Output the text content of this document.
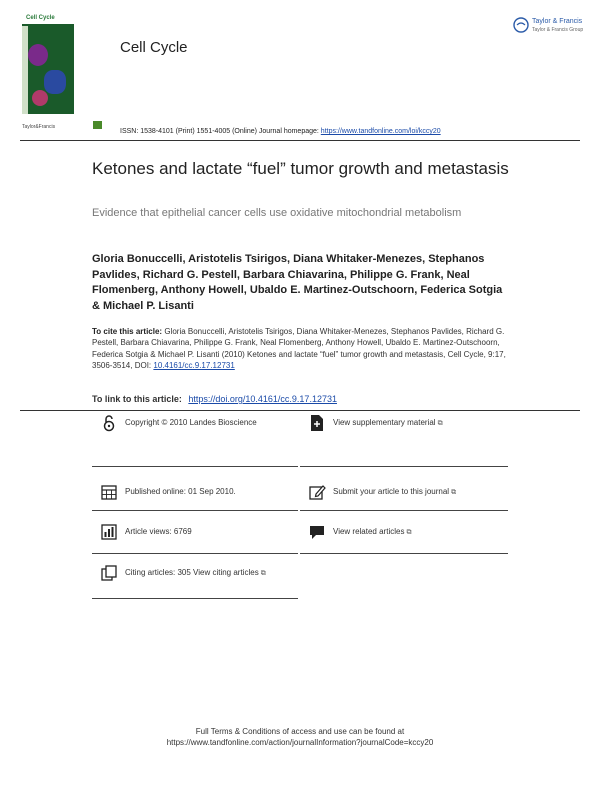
Cell Cycle
Taylor&Francis
Cell Cycle
Taylor & Francis
Taylor & Francis Group
ISSN: 1538-4101 (Print) 1551-4005 (Online) Journal homepage: https://www.tandfonline.com/loi/kccy20
Ketones and lactate “fuel” tumor growth and metastasis
Evidence that epithelial cancer cells use oxidative mitochondrial metabolism
Gloria Bonuccelli, Aristotelis Tsirigos, Diana Whitaker-Menezes, Stephanos Pavlides, Richard G. Pestell, Barbara Chiavarina, Philippe G. Frank, Neal Flomenberg, Anthony Howell, Ubaldo E. Martinez-Outschoorn, Federica Sotgia & Michael P. Lisanti
To cite this article: Gloria Bonuccelli, Aristotelis Tsirigos, Diana Whitaker-Menezes, Stephanos Pavlides, Richard G. Pestell, Barbara Chiavarina, Philippe G. Frank, Neal Flomenberg, Anthony Howell, Ubaldo E. Martinez-Outschoorn, Federica Sotgia & Michael P. Lisanti (2010) Ketones and lactate “fuel” tumor growth and metastasis, Cell Cycle, 9:17, 3506-3514, DOI: 10.4161/cc.9.17.12731
To link to this article: https://doi.org/10.4161/cc.9.17.12731
Copyright © 2010 Landes Bioscience
Published online: 01 Sep 2010.
Article views: 6769
Citing articles: 305 View citing articles ⧉
View supplementary material ⧉
Submit your article to this journal ⧉
View related articles ⧉
Full Terms & Conditions of access and use can be found at
https://www.tandfonline.com/action/journalInformation?journalCode=kccy20
